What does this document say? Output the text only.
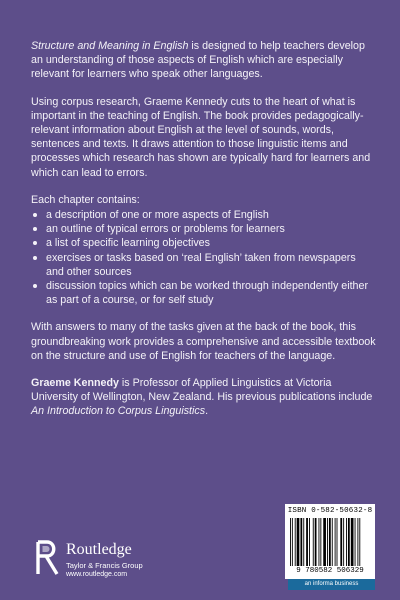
Structure and Meaning in English is designed to help teachers develop an understanding of those aspects of English which are especially relevant for learners who speak other languages.

Using corpus research, Graeme Kennedy cuts to the heart of what is important in the teaching of English. The book provides pedagogically-relevant information about English at the level of sounds, words, sentences and texts. It draws attention to those linguistic items and processes which research has shown are typically hard for learners and which can lead to errors.

Each chapter contains:

a description of one or more aspects of English
an outline of typical errors or problems for learners
a list of specific learning objectives
exercises or tasks based on ‘real English’ taken from newspapers and other sources
discussion topics which can be worked through independently either as part of a course, or for self study

With answers to many of the tasks given at the back of the book, this groundbreaking work provides a comprehensive and accessible textbook on the structure and use of English for teachers of the language.

Graeme Kennedy is Professor of Applied Linguistics at Victoria University of Wellington, New Zealand. His previous publications include An Introduction to Corpus Linguistics.

Routledge
Taylor & Francis Group
www.routledge.com
ISBN 0-582-50632-8
9 780582 506329
an informa business
